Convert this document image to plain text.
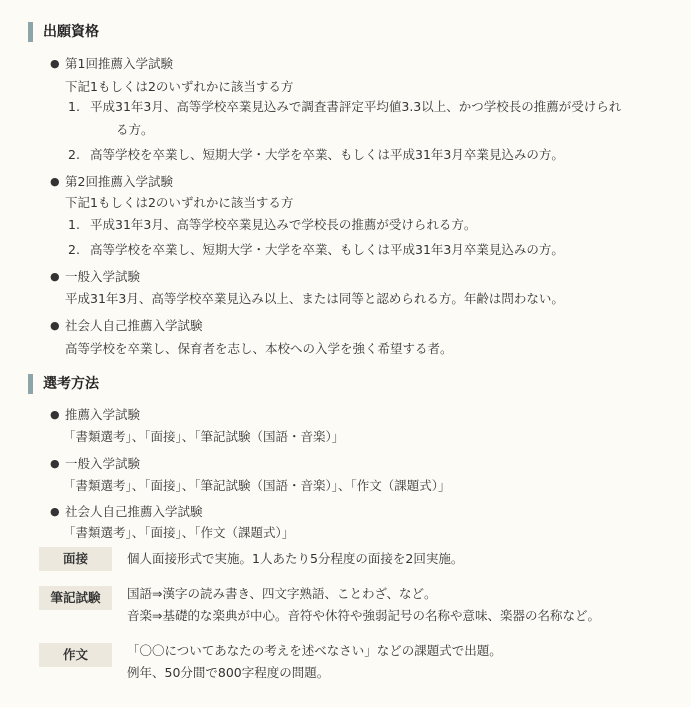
出願資格
● 第1回推薦入学試験
下記1もしくは2のいずれかに該当する方
1. 平成31年3月、高等学校卒業見込みで調査書評定平均値3.3以上、かつ学校長の推薦が受けられ
る方。
2. 高等学校を卒業し、短期大学・大学を卒業、もしくは平成31年3月卒業見込みの方。
● 第2回推薦入学試験
下記1もしくは2のいずれかに該当する方
1. 平成31年3月、高等学校卒業見込みで学校長の推薦が受けられる方。
2. 高等学校を卒業し、短期大学・大学を卒業、もしくは平成31年3月卒業見込みの方。
● 一般入学試験
平成31年3月、高等学校卒業見込み以上、または同等と認められる方。年齢は問わない。
● 社会人自己推薦入学試験
高等学校を卒業し、保育者を志し、本校への入学を強く希望する者。
選考方法
● 推薦入学試験
「書類選考」、「面接」、「筆記試験（国語・音楽）」
● 一般入学試験
「書類選考」、「面接」、「筆記試験（国語・音楽）」、「作文（課題式）」
● 社会人自己推薦入学試験
「書類選考」、「面接」、「作文（課題式）」
面接	個人面接形式で実施。1人あたり5分程度の面接を2回実施。
筆記試験	国語⇒漢字の読み書き、四文字熟語、ことわざ、など。
音楽⇒基礎的な楽典が中心。音符や休符や強弱記号の名称や意味、楽器の名称など。
作文	「〇〇についてあなたの考えを述べなさい」などの課題式で出題。
例年、50分間で800字程度の問題。
